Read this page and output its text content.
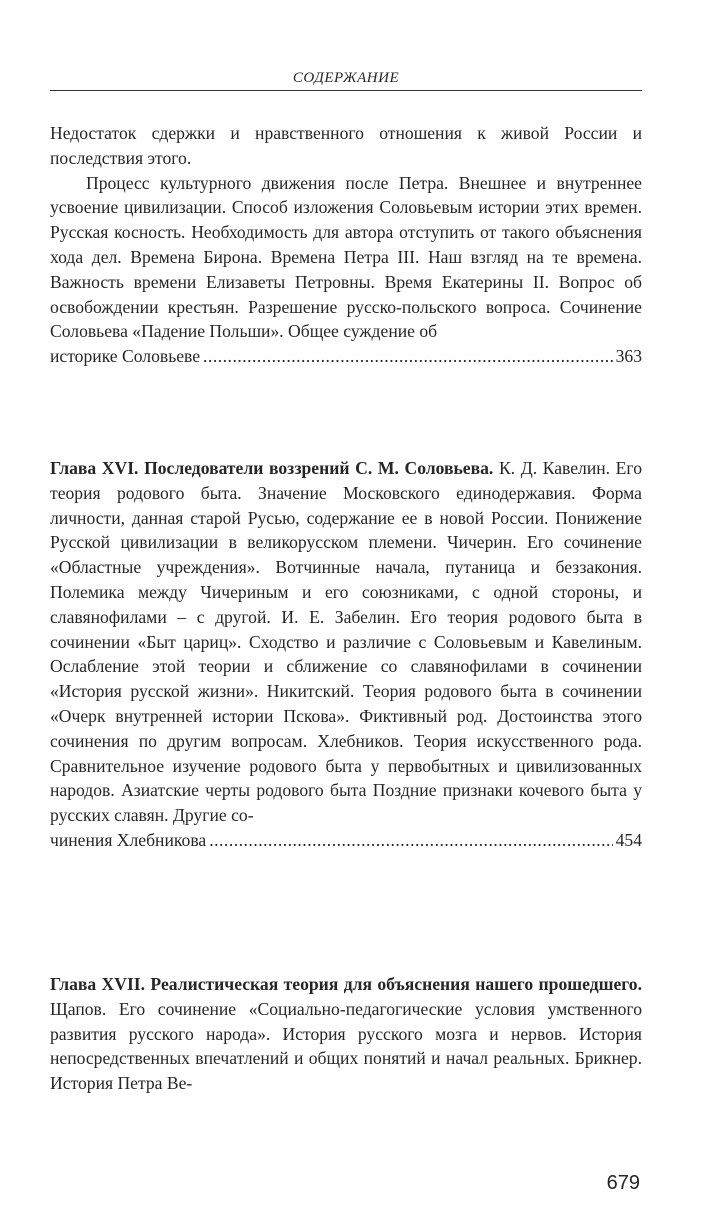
СОДЕРЖАНИЕ

Недостаток сдержки и нравственного отношения к живой России и последствия этого.

Процесс культурного движения после Петра. Внешнее и внутреннее усвоение цивилизации. Способ изложения Соловьевым истории этих времен. Русская косность. Необходимость для автора отступить от такого объяснения хода дел. Времена Бирона. Времена Петра III. Наш взгляд на те времена. Важность времени Елизаветы Петровны. Время Екатерины II. Вопрос об освобождении крестьян. Разрешение русско-польского вопроса. Сочинение Соловьева «Падение Польши». Общее суждение об

историке Соловьеве .....	363

Глава XVI. Последователи воззрений С. М. Соловьева. К. Д. Кавелин. Его теория родового быта. Значение Московского единодержавия. Форма личности, данная старой Русью, содержание ее в новой России. Понижение Русской цивилизации в великорусском племени. Чичерин. Его сочинение «Областные учреждения». Вотчинные начала, путаница и беззакония. Полемика между Чичериным и его союзниками, с одной стороны, и славянофилами – с другой. И. Е. Забелин. Его теория родового быта в сочинении «Быт цариц». Сходство и различие с Соловьевым и Кавелиным. Ослабление этой теории и сближение со славянофилами в сочинении «История русской жизни». Никитский. Теория родового быта в сочинении «Очерк внутренней истории Пскова». Фиктивный род. Достоинства этого сочинения по другим вопросам. Хлебников. Теория искусственного рода. Сравнительное изучение родового быта у первобытных и цивилизованных народов. Азиатские черты родового быта Поздние признаки кочевого быта у русских славян. Другие со-

чинения Хлебникова .....	454

Глава XVII. Реалистическая теория для объяснения нашего прошедшего. Щапов. Его сочинение «Социально-педагогические условия умственного развития русского народа». История русского мозга и нервов. История непосредственных впечатлений и общих понятий и начал реальных. Брикнер. История Петра Ве-

679
